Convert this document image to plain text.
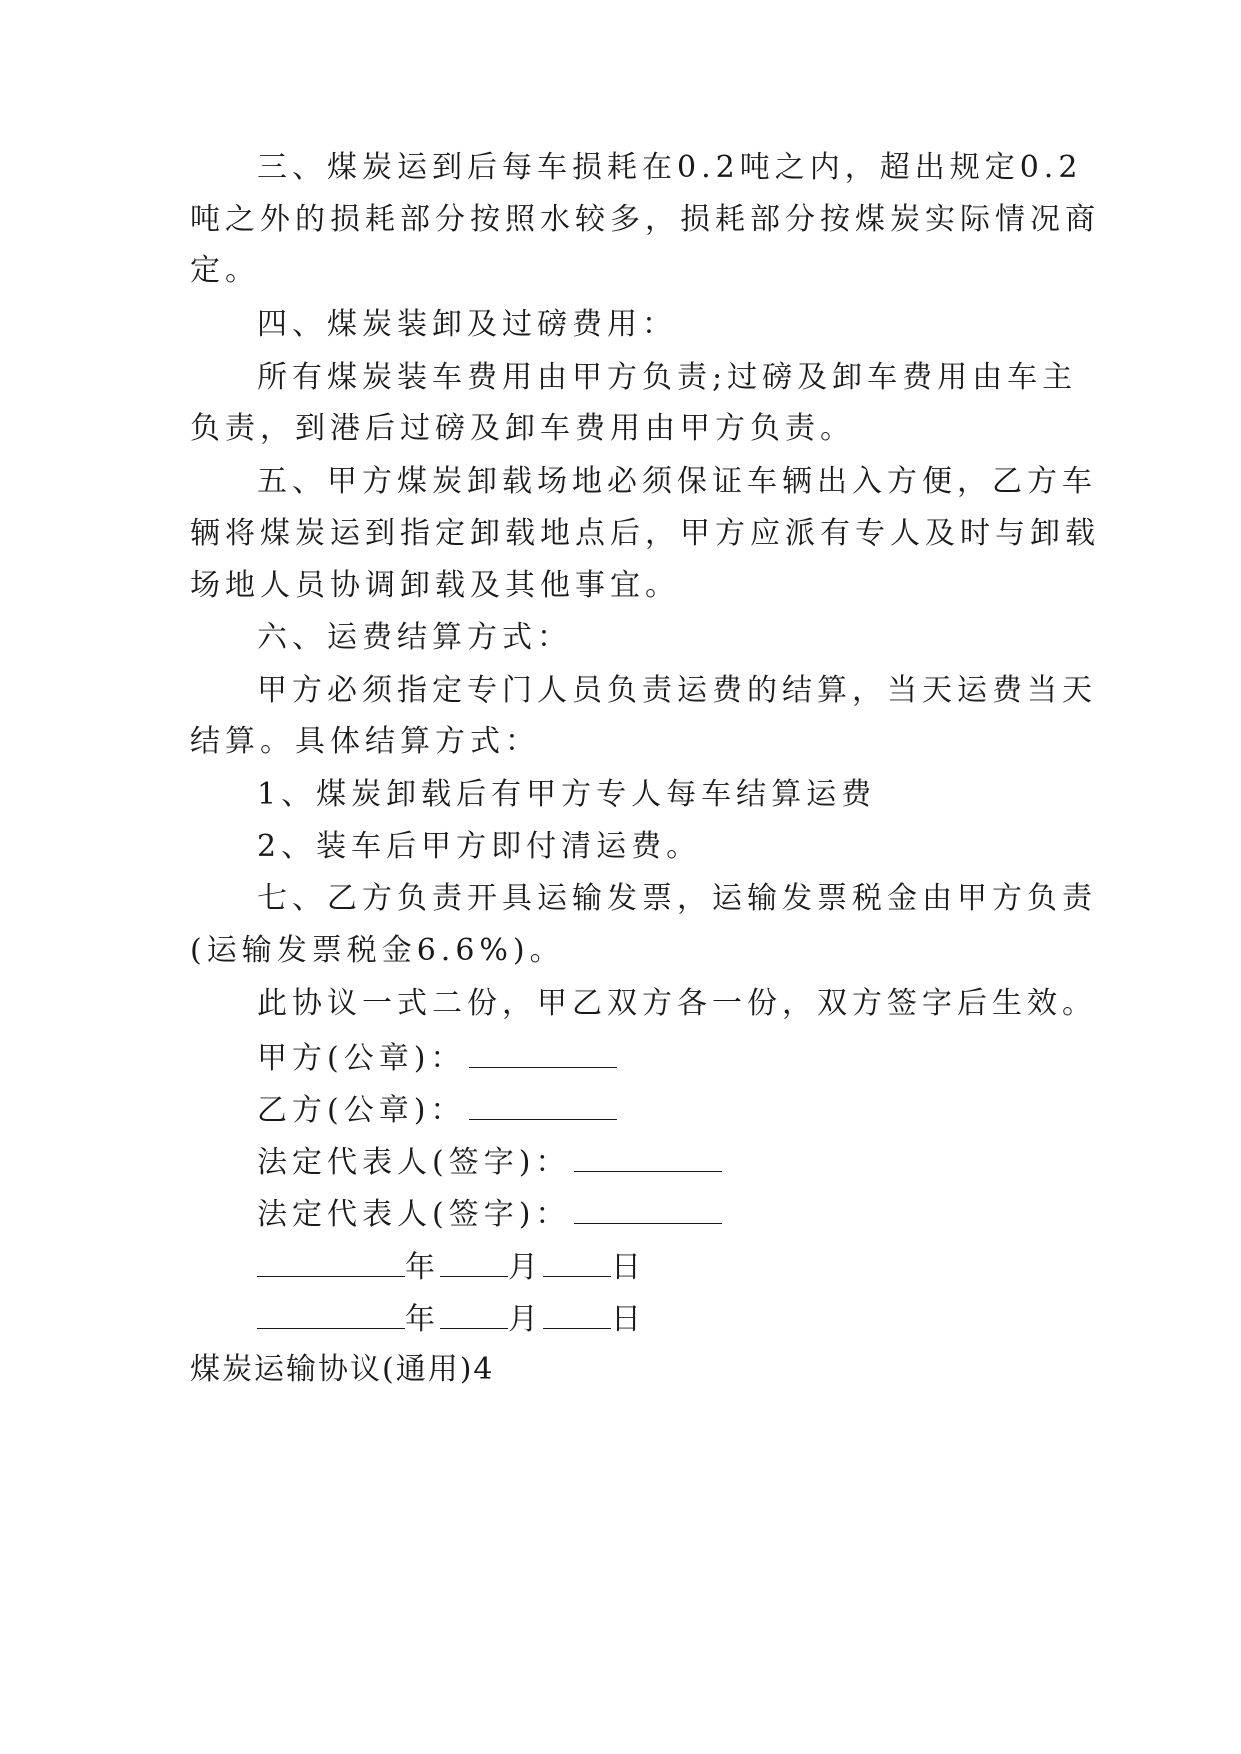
三、煤炭运到后每车损耗在0.2吨之内，超出规定0.2
吨之外的损耗部分按照水较多，损耗部分按煤炭实际情况商
定。
四、煤炭装卸及过磅费用：
所有煤炭装车费用由甲方负责;过磅及卸车费用由车主
负责，到港后过磅及卸车费用由甲方负责。
五、甲方煤炭卸载场地必须保证车辆出入方便，乙方车
辆将煤炭运到指定卸载地点后，甲方应派有专人及时与卸载
场地人员协调卸载及其他事宜。
六、运费结算方式：
甲方必须指定专门人员负责运费的结算，当天运费当天
结算。具体结算方式：
1、煤炭卸载后有甲方专人每车结算运费
2、装车后甲方即付清运费。
七、乙方负责开具运输发票，运输发票税金由甲方负责
(运输发票税金6.6%)。
此协议一式二份，甲乙双方各一份，双方签字后生效。
甲方(公章)：
乙方(公章)：
法定代表人(签字)：
法定代表人(签字)：
年 月 日
年 月 日
煤炭运输协议(通用)4
